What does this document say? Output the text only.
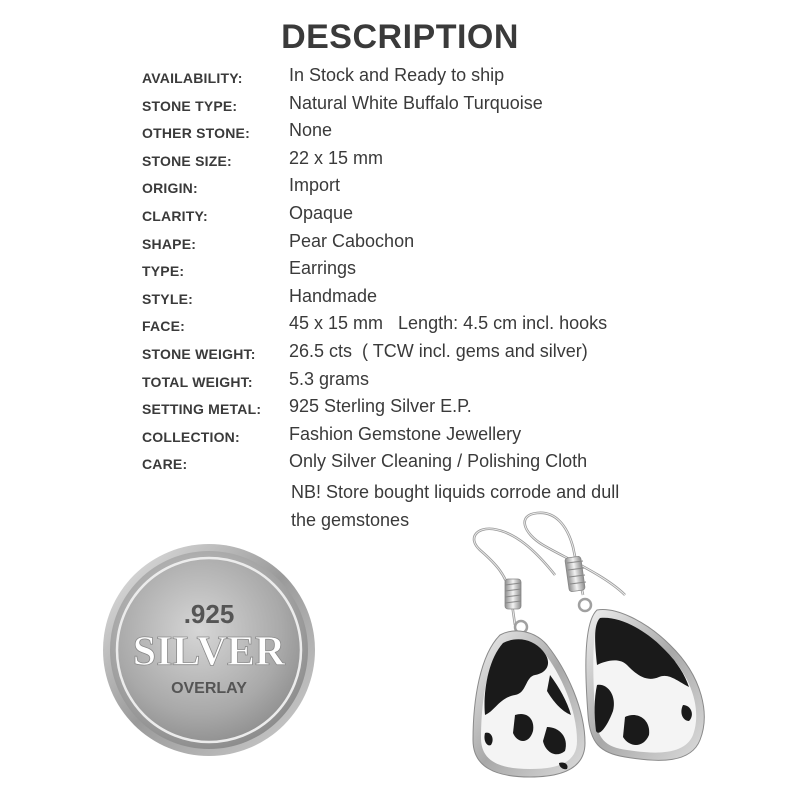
DESCRIPTION
AVAILABILITY:	In Stock and Ready to ship
STONE TYPE:	Natural White Buffalo Turquoise
OTHER STONE: None
STONE SIZE:	22 x 15 mm
ORIGIN:	Import
CLARITY:	Opaque
SHAPE:	Pear Cabochon
TYPE:	Earrings
STYLE:	Handmade
FACE:	45 x 15 mm   Length: 4.5 cm incl. hooks
STONE WEIGHT: 26.5 cts  ( TCW incl. gems and silver)
TOTAL WEIGHT: 5.3 grams
SETTING METAL: 925 Sterling Silver E.P.
COLLECTION:	Fashion Gemstone Jewellery
CARE:	Only Silver Cleaning / Polishing Cloth
NB! Store bought liquids corrode and dull
the gemstones
.925
SILVER
OVERLAY
